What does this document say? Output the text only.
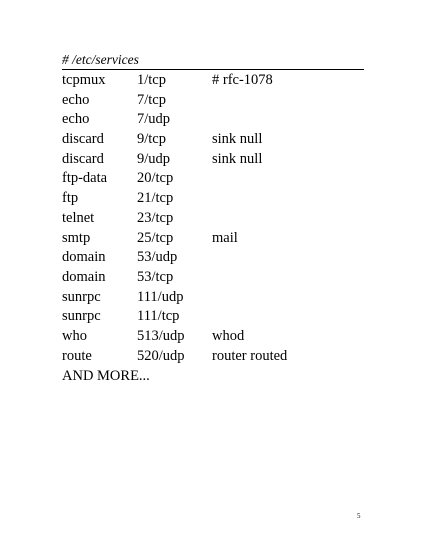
# /etc/services
tcpmux 1/tcp	# rfc-1078
echo	7/tcp
echo	7/udp
discard 9/tcp	sink null
discard 9/udp	sink null
ftp-data 20/tcp
ftp	21/tcp
telnet	23/tcp
smtp	25/tcp	mail
domain 53/udp
domain 53/tcp
sunrpc	111/udp
sunrpc	111/tcp
who	513/udp whod
route	520/udp router routed
AND MORE...
5
